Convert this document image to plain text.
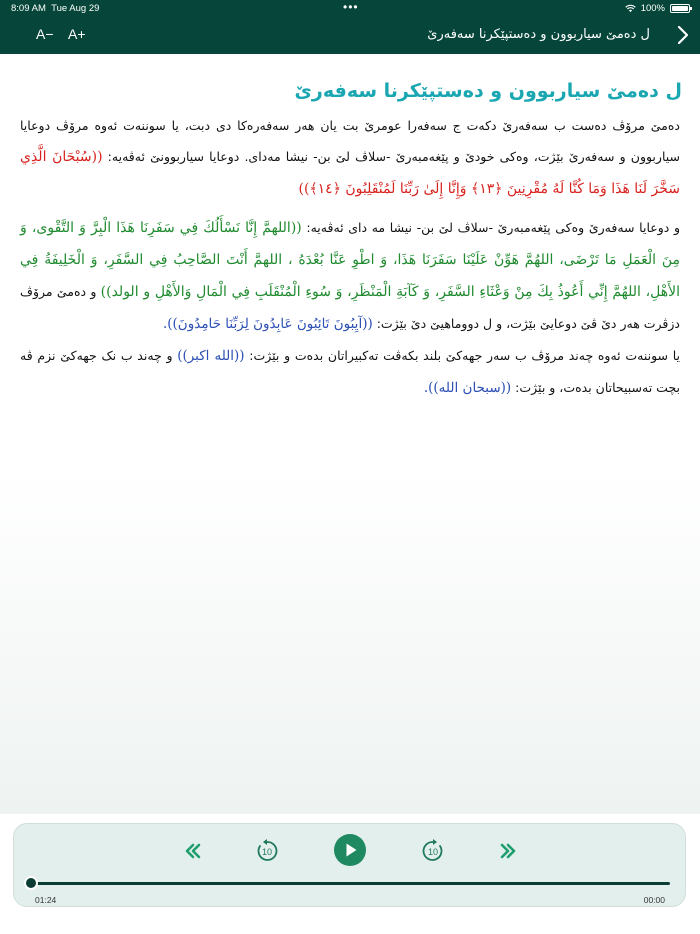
8:09 AM Tue Aug 29	•••	100%
A− A+	ل دەمێ سیاربوون و دەستپێکرنا سەفەرێ
ل دەمێ سیاربوون و دەستپێکرنا سەفەرێ
دەمێ مرۆڤ دەست ب سەفەرێ دکەت ج سەفەرا عومرێ بت یان هەر سەفەرەکا دی دبت، یا سوننەت ئەوە مرۆڤ دوعایا سیاربوون و سەفەرێ بێژت، وەکی خودێ و پێغەمبەرێ -سلاڤ لێ بن- نیشا مەدای. دوعایا سیاربوونێ ئەڤەیە: ((سُبْحَانَ الَّذِي سَخَّرَ لَنَا هَذَا وَمَا كُنَّا لَهُ مُقْرِنِينَ ﴿١٣﴾ وَإِنَّا إِلَىٰ رَبِّنَا لَمُنْقَلِبُونَ ﴿١٤﴾))
و دوعایا سەفەرێ وەکی پێغەمبەرێ -سلاڤ لێ بن- نیشا مە دای ئەڤەیە: ((اللهمَّ إِنَّا نَسْأَلُكَ فِي سَفَرِنَا هَذَا الْبِرَّ وَ التَّقْوى، وَ مِنَ الْعَمَلِ مَا تَرْضَى، اللهُمَّ هَوِّنْ عَلَيْنَا سَفَرَنَا هَذَا، وَ اطْوِ عَنَّا بُعْدَهُ ، اللهمَّ أَنْتَ الصَّاحِبُ فِي السَّفَرِ، وَ الْخَلِيفَةُ فِي الأَهْلِ، اللهُمَّ إِنِّي أَعُوذُ بِكَ مِنْ وَعْثَاءِ السَّفَرِ، وَ كَآبَةِ الْمَنْظَرِ، وَ سُوءِ الْمُنْقَلَبِ فِي الْمَالِ وَالأَهْلِ و الولد)) و دەمێ مرۆڤ دزڤرت هەر دێ ڤێ دوعایێ بێژت، و ل دووماهیێ دێ بێژت: ((آيِبُونَ تَائِبُونَ عَابِدُونَ لِرَبِّنَا حَامِدُونَ)).
یا سوننەت ئەوە چەند مرۆڤ ب سەر جهەکێ بلند بکەڤت تەکبیراتان بدەت و بێژت: ((الله اكبر)) و چەند ب نک جهەکێ نزم ڤە بچت تەسبیحاتان بدەت، و بێژت: ((سبحان الله)).
10	10
01:24	00:00
